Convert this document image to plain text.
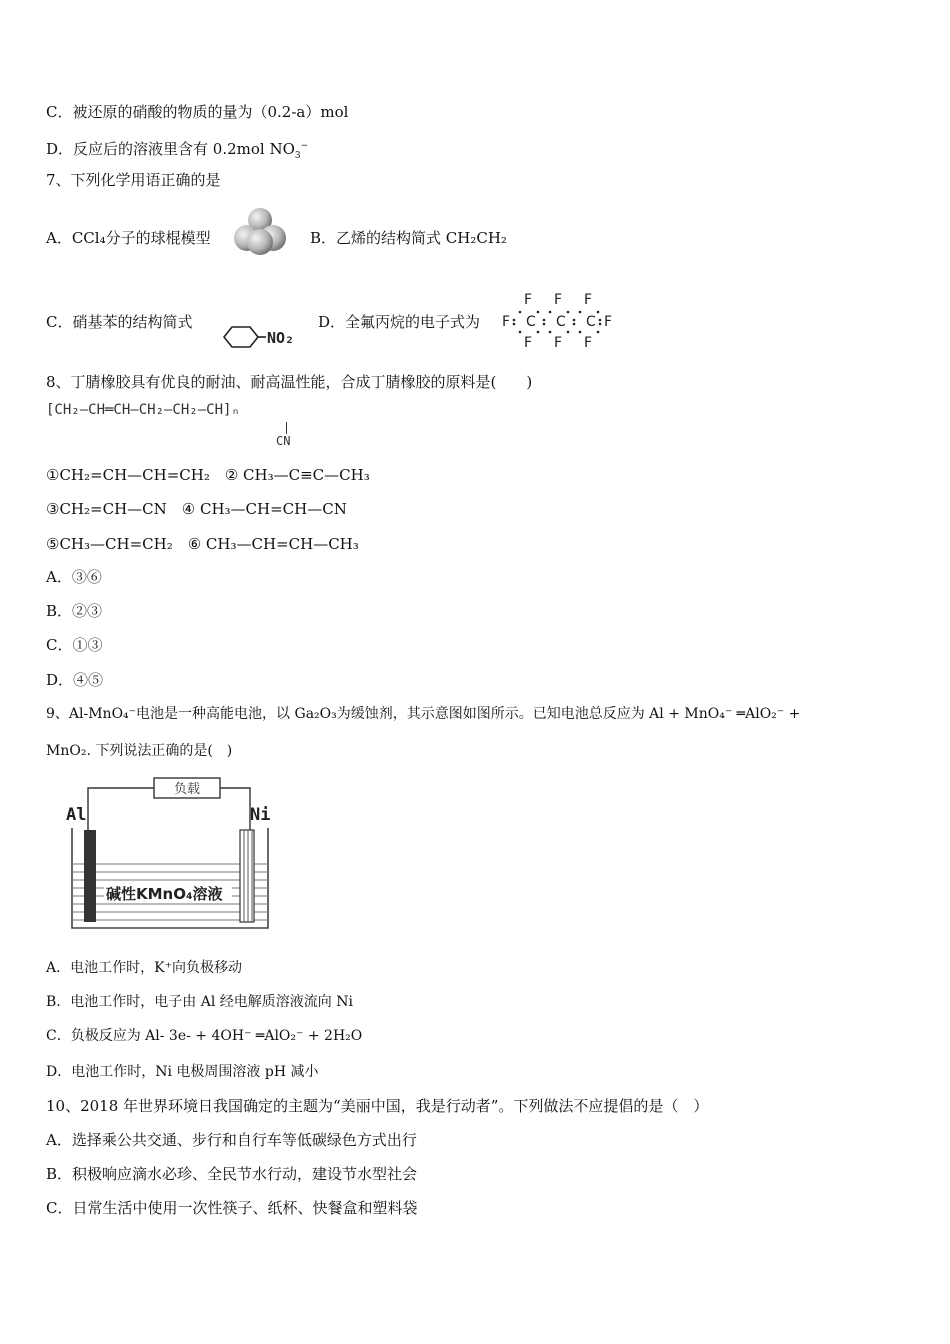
C．被还原的硝酸的物质的量为（0.2-a）mol
D．反应后的溶液里含有 0.2mol $NO_3^-$
7、下列化学用语正确的是
A．CCl₄分子的球棍模型	B．乙烯的结构简式 CH₂CH₂
C．硝基苯的结构简式
NO₂
D．全氟丙烷的电子式为
F F F
F C C C F
F F F
8、丁腈橡胶具有优良的耐油、耐高温性能，合成丁腈橡胶的原料是(　　)
[CH₂—CH═CH—CH₂—CH₂—CH]ₙ
CN
①CH₂=CH—CH=CH₂　② CH₃—C≡C—CH₃
③CH₂=CH—CN　④ CH₃—CH=CH—CN
⑤CH₃—CH=CH₂　⑥ CH₃—CH=CH—CH₃
A．③⑥
B．②③
C．①③
D．④⑤
9、Al-MnO₄⁻电池是一种高能电池，以 Ga₂O₃为缓蚀剂，其示意图如图所示。已知电池总反应为 Al + MnO₄⁻ ═AlO₂⁻ +
MnO₂. 下列说法正确的是(　)
负载
Al	Ni
碱性KMnO₄溶液
A．电池工作时，K⁺向负极移动
B．电池工作时，电子由 Al 经电解质溶液流向 Ni
C．负极反应为 Al- 3e- + 4OH⁻ ═AlO₂⁻ + 2H₂O
D．电池工作时，Ni 电极周围溶液 pH 减小
10、2018 年世界环境日我国确定的主题为“美丽中国，我是行动者”。下列做法不应提倡的是（　）
A．选择乘公共交通、步行和自行车等低碳绿色方式出行
B．积极响应滴水必珍、全民节水行动，建设节水型社会
C．日常生活中使用一次性筷子、纸杯、快餐盒和塑料袋
